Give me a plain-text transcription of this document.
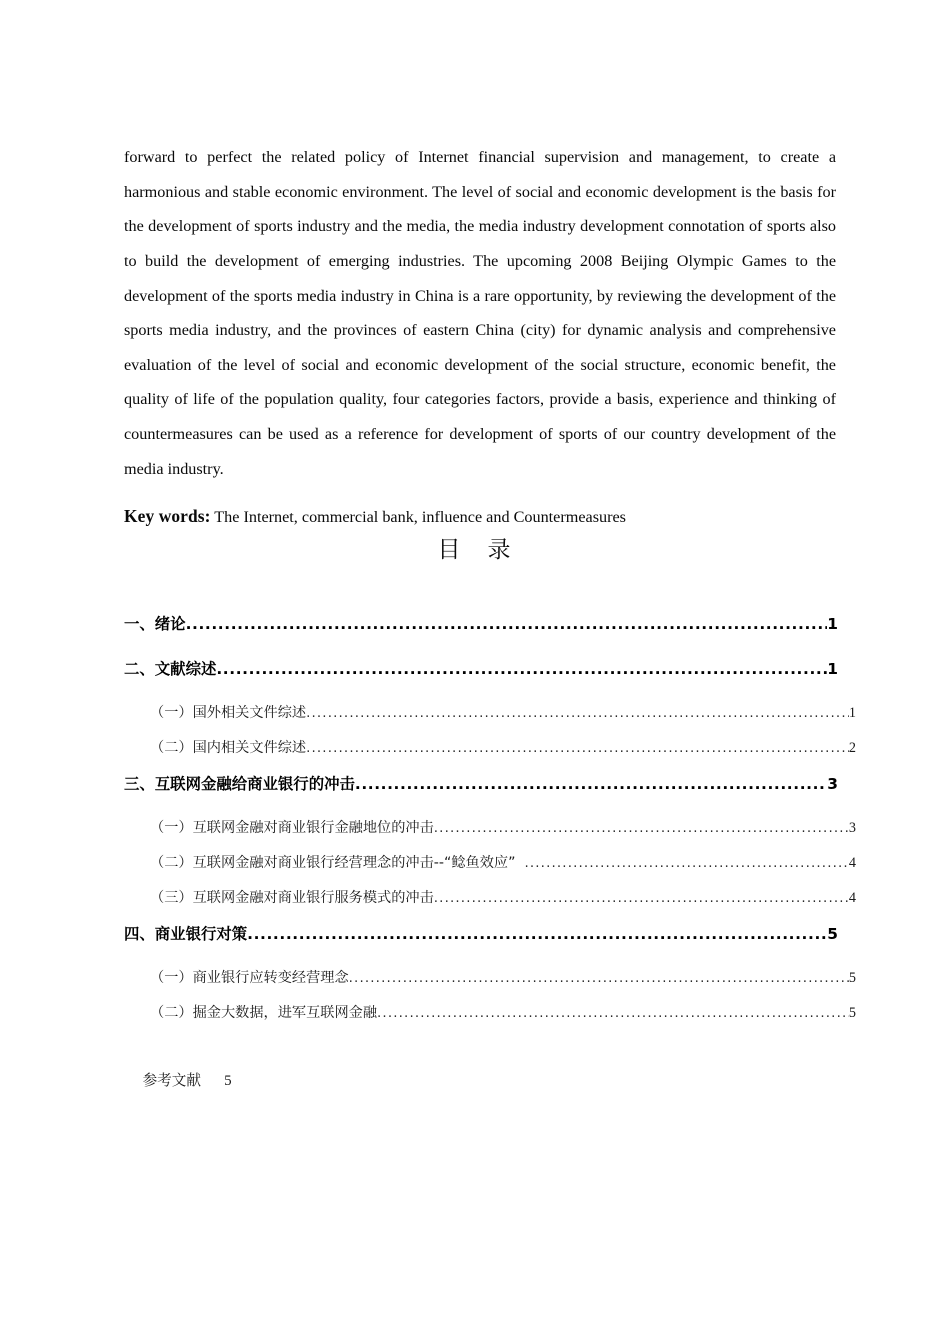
forward to perfect the related policy of Internet financial supervision and management, to create a harmonious and stable economic environment. The level of social and economic development is the basis for the development of sports industry and the media, the media industry development connotation of sports also to build the development of emerging industries. The upcoming 2008 Beijing Olympic Games to the development of the sports media industry in China is a rare opportunity, by reviewing the development of the sports media industry, and the provinces of eastern China (city) for dynamic analysis and comprehensive evaluation of the level of social and economic development of the social structure, economic benefit, the quality of life of the population quality, four categories factors, provide a basis, experience and thinking of countermeasures can be used as a reference for development of sports of our country development of the media industry.

Key words: The Internet, commercial bank, influence and Countermeasures
目　录
一、绪论 .....	1
二、文献综述 .....	1
（一）国外相关文件综述 .....	1
（二）国内相关文件综述 .....	2
三、互联网金融给商业银行的冲击 .....	3
（一）互联网金融对商业银行金融地位的冲击 .....	3
（二）互联网金融对商业银行经营理念的冲击--“鲶鱼效应” .....	4
（三）互联网金融对商业银行服务模式的冲击 .....	4
四、商业银行对策 .....	5
（一）商业银行应转变经营理念 .....	5
（二）掘金大数据，进军互联网金融 .....	5

参考文献 5
